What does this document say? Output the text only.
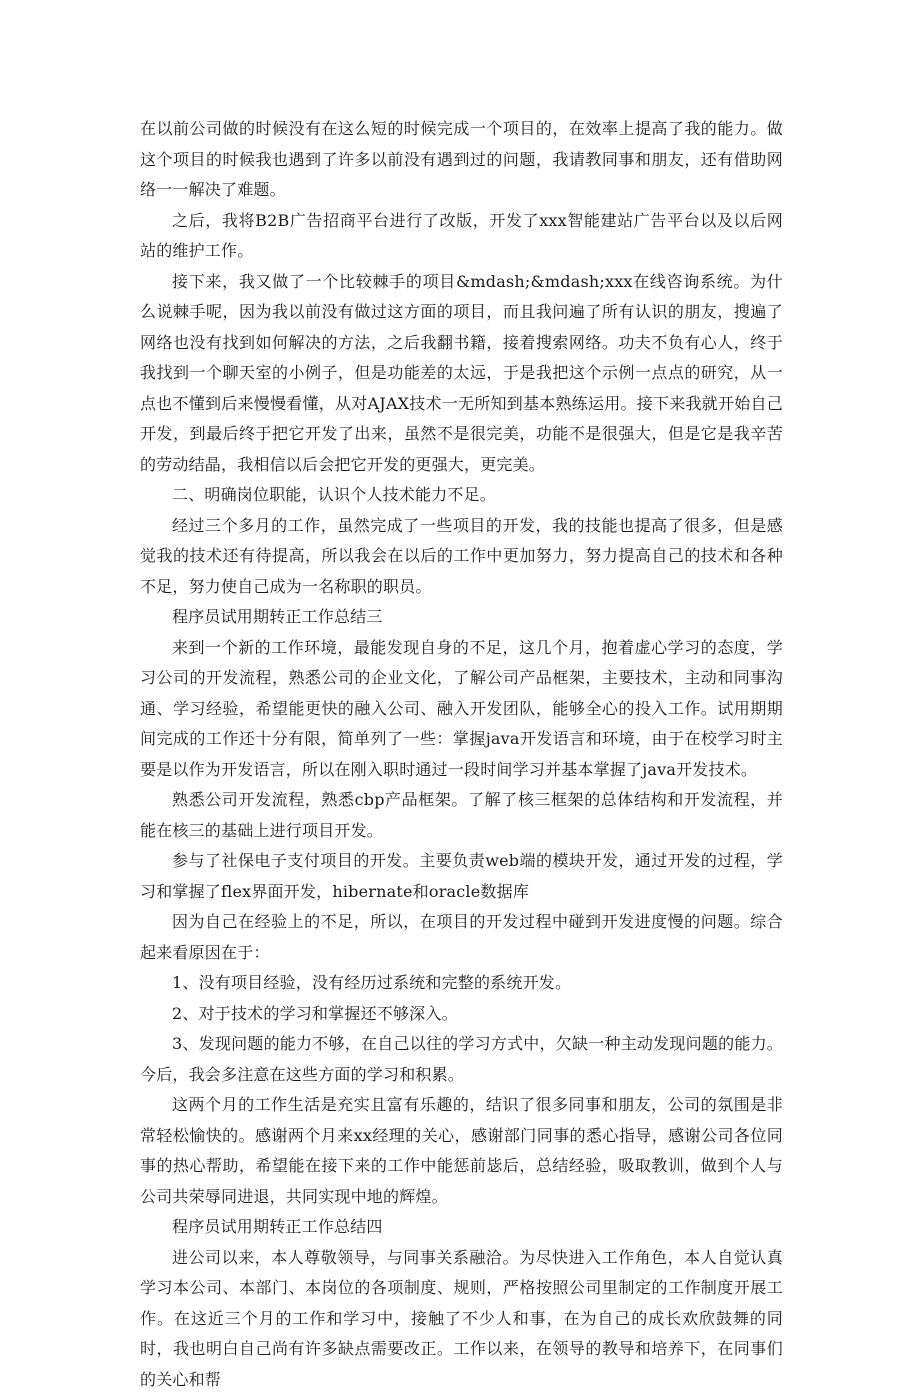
在以前公司做的时候没有在这么短的时候完成一个项目的，在效率上提高了我的能力。做这个项目的时候我也遇到了许多以前没有遇到过的问题，我请教同事和朋友，还有借助网络一一解决了难题。

之后，我将B2B广告招商平台进行了改版，开发了xxx智能建站广告平台以及以后网站的维护工作。

接下来，我又做了一个比较棘手的项目&mdash;&mdash;xxx在线咨询系统。为什么说棘手呢，因为我以前没有做过这方面的项目，而且我问遍了所有认识的朋友，搜遍了网络也没有找到如何解决的方法，之后我翻书籍，接着搜索网络。功夫不负有心人，终于我找到一个聊天室的小例子，但是功能差的太远，于是我把这个示例一点点的研究，从一点也不懂到后来慢慢看懂，从对AJAX技术一无所知到基本熟练运用。接下来我就开始自己开发，到最后终于把它开发了出来，虽然不是很完美，功能不是很强大，但是它是我辛苦的劳动结晶，我相信以后会把它开发的更强大，更完美。

二、明确岗位职能，认识个人技术能力不足。

经过三个多月的工作，虽然完成了一些项目的开发，我的技能也提高了很多，但是感觉我的技术还有待提高，所以我会在以后的工作中更加努力，努力提高自己的技术和各种不足，努力使自己成为一名称职的职员。

程序员试用期转正工作总结三

来到一个新的工作环境，最能发现自身的不足，这几个月，抱着虚心学习的态度，学习公司的开发流程，熟悉公司的企业文化，了解公司产品框架，主要技术，主动和同事沟通、学习经验，希望能更快的融入公司、融入开发团队，能够全心的投入工作。试用期期间完成的工作还十分有限，简单列了一些：掌握java开发语言和环境，由于在校学习时主要是以作为开发语言，所以在刚入职时通过一段时间学习并基本掌握了java开发技术。

熟悉公司开发流程，熟悉cbp产品框架。了解了核三框架的总体结构和开发流程，并能在核三的基础上进行项目开发。

参与了社保电子支付项目的开发。主要负责web端的模块开发，通过开发的过程，学习和掌握了flex界面开发，hibernate和oracle数据库

因为自己在经验上的不足，所以，在项目的开发过程中碰到开发进度慢的问题。综合起来看原因在于：

1、没有项目经验，没有经历过系统和完整的系统开发。

2、对于技术的学习和掌握还不够深入。

3、发现问题的能力不够，在自己以往的学习方式中，欠缺一种主动发现问题的能力。今后，我会多注意在这些方面的学习和积累。

这两个月的工作生活是充实且富有乐趣的，结识了很多同事和朋友，公司的氛围是非常轻松愉快的。感谢两个月来xx经理的关心，感谢部门同事的悉心指导，感谢公司各位同事的热心帮助，希望能在接下来的工作中能惩前毖后，总结经验，吸取教训，做到个人与公司共荣辱同进退，共同实现中地的辉煌。

程序员试用期转正工作总结四

进公司以来，本人尊敬领导，与同事关系融洽。为尽快进入工作角色，本人自觉认真学习本公司、本部门、本岗位的各项制度、规则，严格按照公司里制定的工作制度开展工作。在这近三个月的工作和学习中，接触了不少人和事，在为自己的成长欢欣鼓舞的同时，我也明白自己尚有许多缺点需要改正。工作以来，在领导的教导和培养下，在同事们的关心和帮
